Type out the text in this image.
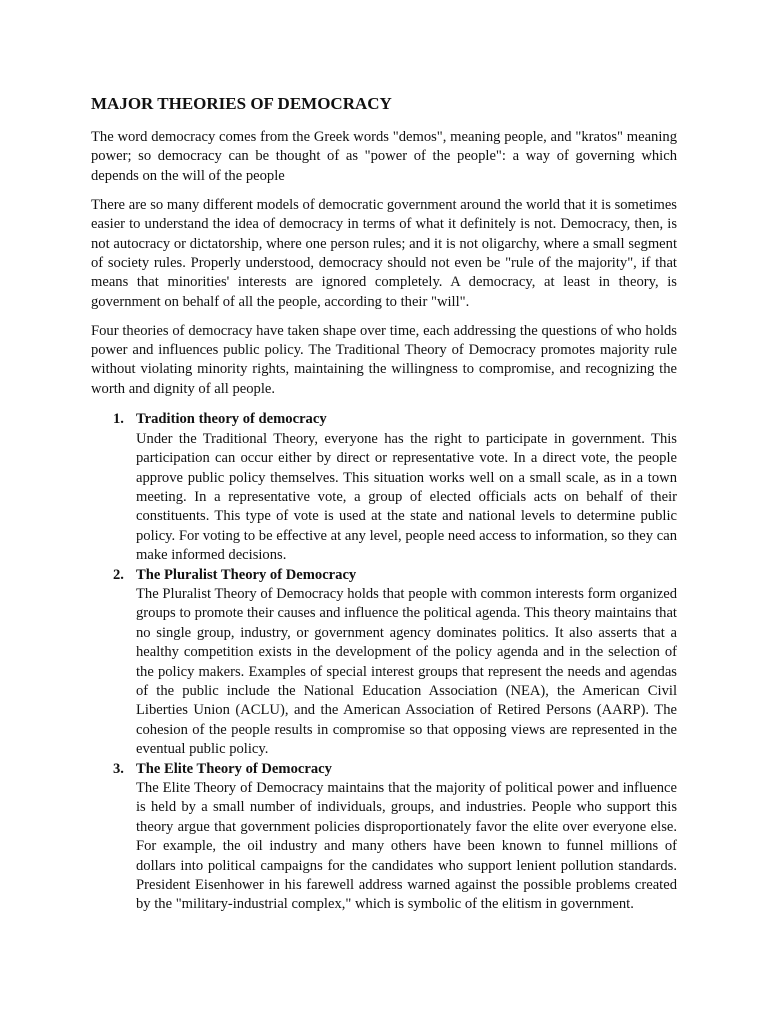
MAJOR THEORIES OF DEMOCRACY

The word democracy comes from the Greek words "demos", meaning people, and "kratos" meaning power; so democracy can be thought of as "power of the people": a way of governing which depends on the will of the people

There are so many different models of democratic government around the world that it is sometimes easier to understand the idea of democracy in terms of what it definitely is not. Democracy, then, is not autocracy or dictatorship, where one person rules; and it is not oligarchy, where a small segment of society rules. Properly understood, democracy should not even be "rule of the majority", if that means that minorities' interests are ignored completely. A democracy, at least in theory, is government on behalf of all the people, according to their "will".

Four theories of democracy have taken shape over time, each addressing the questions of who holds power and influences public policy. The Traditional Theory of Democracy promotes majority rule without violating minority rights, maintaining the willingness to compromise, and recognizing the worth and dignity of all people.

1. Tradition theory of democracy

Under the Traditional Theory, everyone has the right to participate in government. This participation can occur either by direct or representative vote. In a direct vote, the people approve public policy themselves. This situation works well on a small scale, as in a town meeting. In a representative vote, a group of elected officials acts on behalf of their constituents. This type of vote is used at the state and national levels to determine public policy. For voting to be effective at any level, people need access to information, so they can make informed decisions.

2. The Pluralist Theory of Democracy

The Pluralist Theory of Democracy holds that people with common interests form organized groups to promote their causes and influence the political agenda. This theory maintains that no single group, industry, or government agency dominates politics. It also asserts that a healthy competition exists in the development of the policy agenda and in the selection of the policy makers. Examples of special interest groups that represent the needs and agendas of the public include the National Education Association (NEA), the American Civil Liberties Union (ACLU), and the American Association of Retired Persons (AARP). The cohesion of the people results in compromise so that opposing views are represented in the eventual public policy.

3. The Elite Theory of Democracy

The Elite Theory of Democracy maintains that the majority of political power and influence is held by a small number of individuals, groups, and industries. People who support this theory argue that government policies disproportionately favor the elite over everyone else. For example, the oil industry and many others have been known to funnel millions of dollars into political campaigns for the candidates who support lenient pollution standards. President Eisenhower in his farewell address warned against the possible problems created by the "military-industrial complex," which is symbolic of the elitism in government.
